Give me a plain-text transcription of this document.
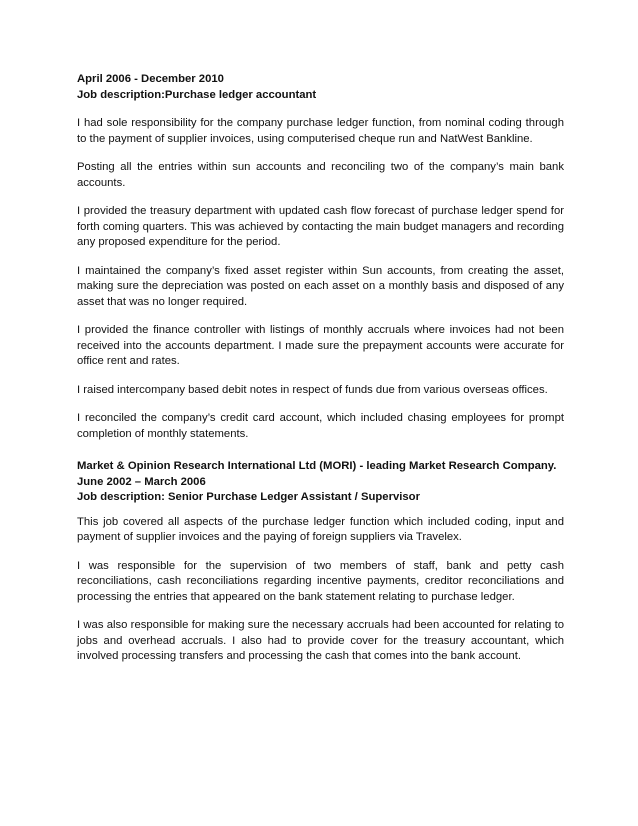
April 2006 - December 2010
Job description:Purchase ledger accountant

I had sole responsibility for the company purchase ledger function, from nominal coding through to the payment of supplier invoices, using computerised cheque run and NatWest Bankline.

Posting all the entries within sun accounts and reconciling two of the company’s main bank accounts.

I provided the treasury department with updated cash flow forecast of purchase ledger spend for forth coming quarters. This was achieved by contacting the main budget managers and recording any proposed expenditure for the period.

I maintained the company’s fixed asset register within Sun accounts, from creating the asset, making sure the depreciation was posted on each asset on a monthly basis and disposed of any asset that was no longer required.

I provided the finance controller with listings of monthly accruals where invoices had not been received into the accounts department. I made sure the prepayment accounts were accurate for office rent and rates.

I raised intercompany based debit notes in respect of funds due from various overseas offices.

I reconciled the company’s credit card account, which included chasing employees for prompt completion of monthly statements.

Market & Opinion Research International Ltd (MORI) - leading Market Research Company.
June 2002 – March 2006
Job description: Senior Purchase Ledger Assistant / Supervisor

This job covered all aspects of the purchase ledger function which included coding, input and payment of supplier invoices and the paying of foreign suppliers via Travelex.

I was responsible for the supervision of two members of staff, bank and petty cash reconciliations, cash reconciliations regarding incentive payments, creditor reconciliations and processing the entries that appeared on the bank statement relating to purchase ledger.

I was also responsible for making sure the necessary accruals had been accounted for relating to jobs and overhead accruals. I also had to provide cover for the treasury accountant, which involved processing transfers and processing the cash that comes into the bank account.
